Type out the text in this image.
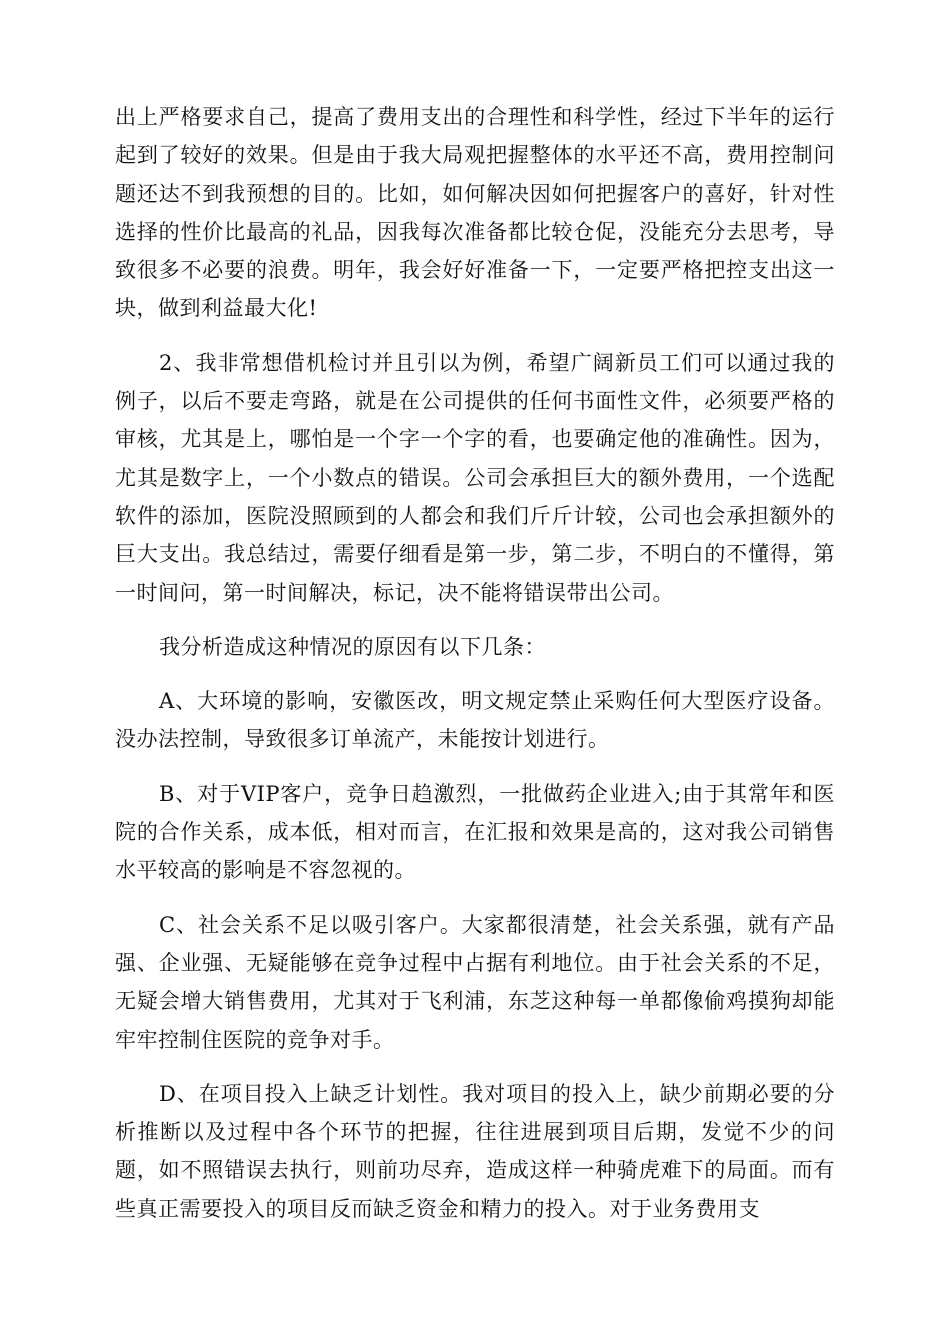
出上严格要求自己，提高了费用支出的合理性和科学性，经过下半年的运行起到了较好的效果。但是由于我大局观把握整体的水平还不高，费用控制问题还达不到我预想的目的。比如，如何解决因如何把握客户的喜好，针对性选择的性价比最高的礼品，因我每次准备都比较仓促，没能充分去思考，导致很多不必要的浪费。明年，我会好好准备一下，一定要严格把控支出这一块，做到利益最大化!

2、我非常想借机检讨并且引以为例，希望广阔新员工们可以通过我的例子，以后不要走弯路，就是在公司提供的任何书面性文件，必须要严格的审核，尤其是上，哪怕是一个字一个字的看，也要确定他的准确性。因为，尤其是数字上，一个小数点的错误。公司会承担巨大的额外费用，一个选配软件的添加，医院没照顾到的人都会和我们斤斤计较，公司也会承担额外的巨大支出。我总结过，需要仔细看是第一步，第二步，不明白的不懂得，第一时间问，第一时间解决，标记，决不能将错误带出公司。

我分析造成这种情况的原因有以下几条：

A、大环境的影响，安徽医改，明文规定禁止采购任何大型医疗设备。没办法控制，导致很多订单流产，未能按计划进行。

B、对于VIP客户，竞争日趋激烈，一批做药企业进入;由于其常年和医院的合作关系，成本低，相对而言，在汇报和效果是高的，这对我公司销售水平较高的影响是不容忽视的。

C、社会关系不足以吸引客户。大家都很清楚，社会关系强，就有产品强、企业强、无疑能够在竞争过程中占据有利地位。由于社会关系的不足，无疑会增大销售费用，尤其对于飞利浦，东芝这种每一单都像偷鸡摸狗却能牢牢控制住医院的竞争对手。

D、在项目投入上缺乏计划性。我对项目的投入上，缺少前期必要的分析推断以及过程中各个环节的把握，往往进展到项目后期，发觉不少的问题，如不照错误去执行，则前功尽弃，造成这样一种骑虎难下的局面。而有些真正需要投入的项目反而缺乏资金和精力的投入。对于业务费用支
